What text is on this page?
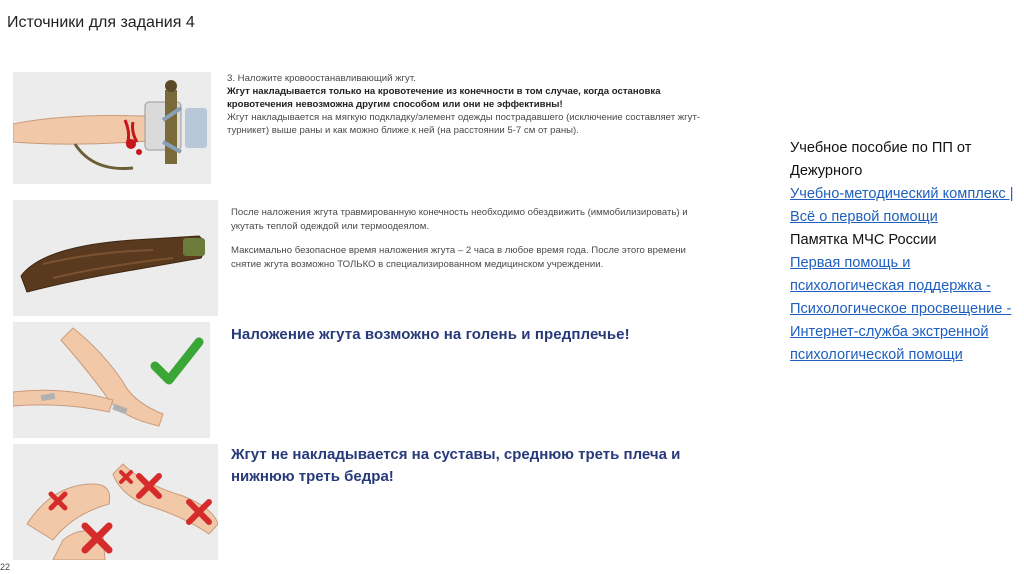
Источники для задания 4
3. Наложите кровоостанавливающий жгут.
Жгут накладывается только на кровотечение из конечности в том случае, когда остановка кровотечения невозможна другим способом или они не эффективны!
Жгут накладывается на мягкую подкладку/элемент одежды пострадавшего (исключение составляет жгут-турникет) выше раны и как можно ближе к ней (на расстоянии 5-7 см от раны).

После наложения жгута травмированную конечность необходимо обездвижить (иммобилизировать) и укутать теплой одеждой или термоодеялом.

Максимально безопасное время наложения жгута – 2 часа в любое время года. После этого времени снятие жгута возможно ТОЛЬКО в специализированном медицинском учреждении.

Наложение жгута возможно на голень и предплечье!
Жгут не накладывается на суставы, среднюю треть плеча и нижнюю треть бедра!
Учебное пособие по ПП от Дежурного
Учебно-методический комплекс | Всё о первой помощи
Памятка МЧС России
Первая помощь и психологическая поддержка - Психологическое просвещение - Интернет-служба экстренной психологической помощи
22
